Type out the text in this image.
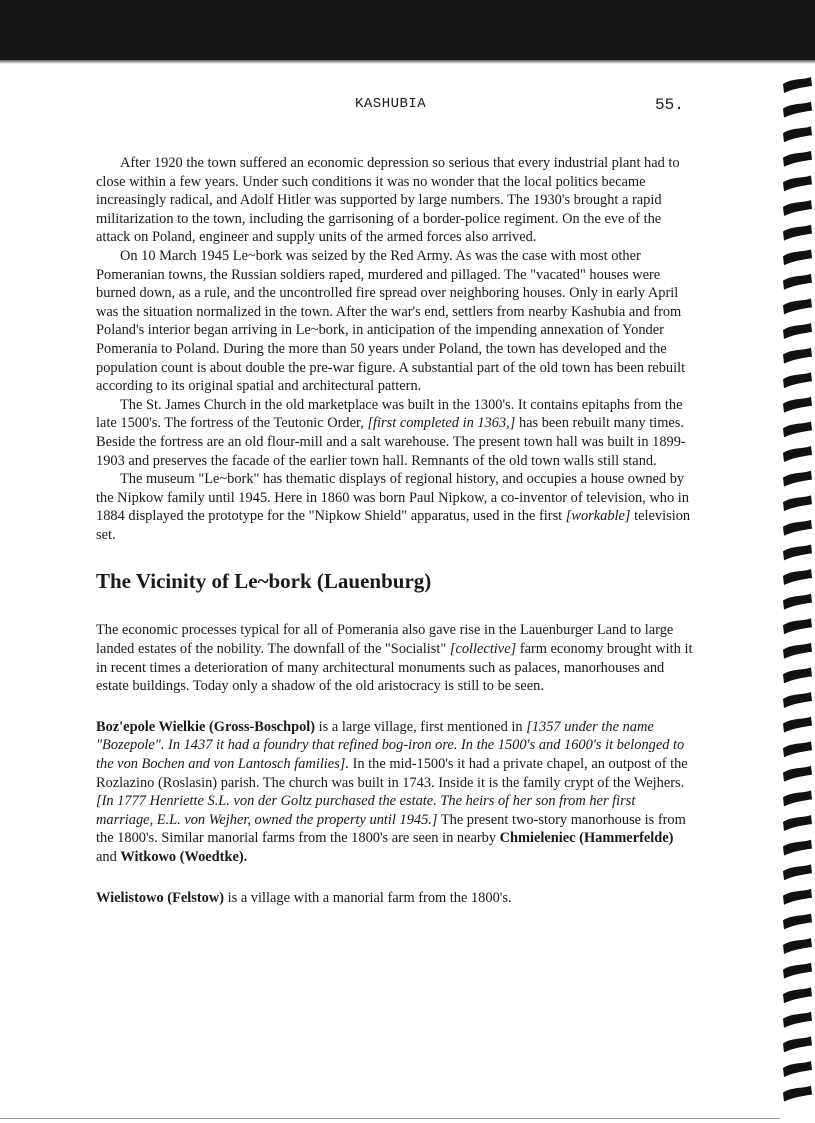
KASHUBIA	55.

After 1920 the town suffered an economic depression so serious that every industrial plant had to close within a few years. Under such conditions it was no wonder that the local politics became increasingly radical, and Adolf Hitler was supported by large numbers. The 1930's brought a rapid militarization to the town, including the garrisoning of a border-police regiment. On the eve of the attack on Poland, engineer and supply units of the armed forces also arrived.

On 10 March 1945 Le~bork was seized by the Red Army. As was the case with most other Pomeranian towns, the Russian soldiers raped, murdered and pillaged. The "vacated" houses were burned down, as a rule, and the uncontrolled fire spread over neighboring houses. Only in early April was the situation normalized in the town. After the war's end, settlers from nearby Kashubia and from Poland's interior began arriving in Le~bork, in anticipation of the impending annexation of Yonder Pomerania to Poland. During the more than 50 years under Poland, the town has developed and the population count is about double the pre-war figure. A substantial part of the old town has been rebuilt according to its original spatial and architectural pattern.

The St. James Church in the old marketplace was built in the 1300's. It contains epitaphs from the late 1500's. The fortress of the Teutonic Order, [first completed in 1363,] has been rebuilt many times. Beside the fortress are an old flour-mill and a salt warehouse. The present town hall was built in 1899-1903 and preserves the facade of the earlier town hall. Remnants of the old town walls still stand.

The museum "Le~bork" has thematic displays of regional history, and occupies a house owned by the Nipkow family until 1945. Here in 1860 was born Paul Nipkow, a co-inventor of television, who in 1884 displayed the prototype for the "Nipkow Shield" apparatus, used in the first [workable] television set.

The Vicinity of Le~bork (Lauenburg)

The economic processes typical for all of Pomerania also gave rise in the Lauenburger Land to large landed estates of the nobility. The downfall of the "Socialist" [collective] farm economy brought with it in recent times a deterioration of many architectural monuments such as palaces, manorhouses and estate buildings. Today only a shadow of the old aristocracy is still to be seen.

Boz'epole Wielkie (Gross-Boschpol) is a large village, first mentioned in [1357 under the name "Bozepole". In 1437 it had a foundry that refined bog-iron ore. In the 1500's and 1600's it belonged to the von Bochen and von Lantosch families]. In the mid-1500's it had a private chapel, an outpost of the Rozlazino (Roslasin) parish. The church was built in 1743. Inside it is the family crypt of the Wejhers. [In 1777 Henriette S.L. von der Goltz purchased the estate. The heirs of her son from her first marriage, E.L. von Wejher, owned the property until 1945.] The present two-story manorhouse is from the 1800's. Similar manorial farms from the 1800's are seen in nearby Chmieleniec (Hammerfelde) and Witkowo (Woedtke).

Wielistowo (Felstow) is a village with a manorial farm from the 1800's.
